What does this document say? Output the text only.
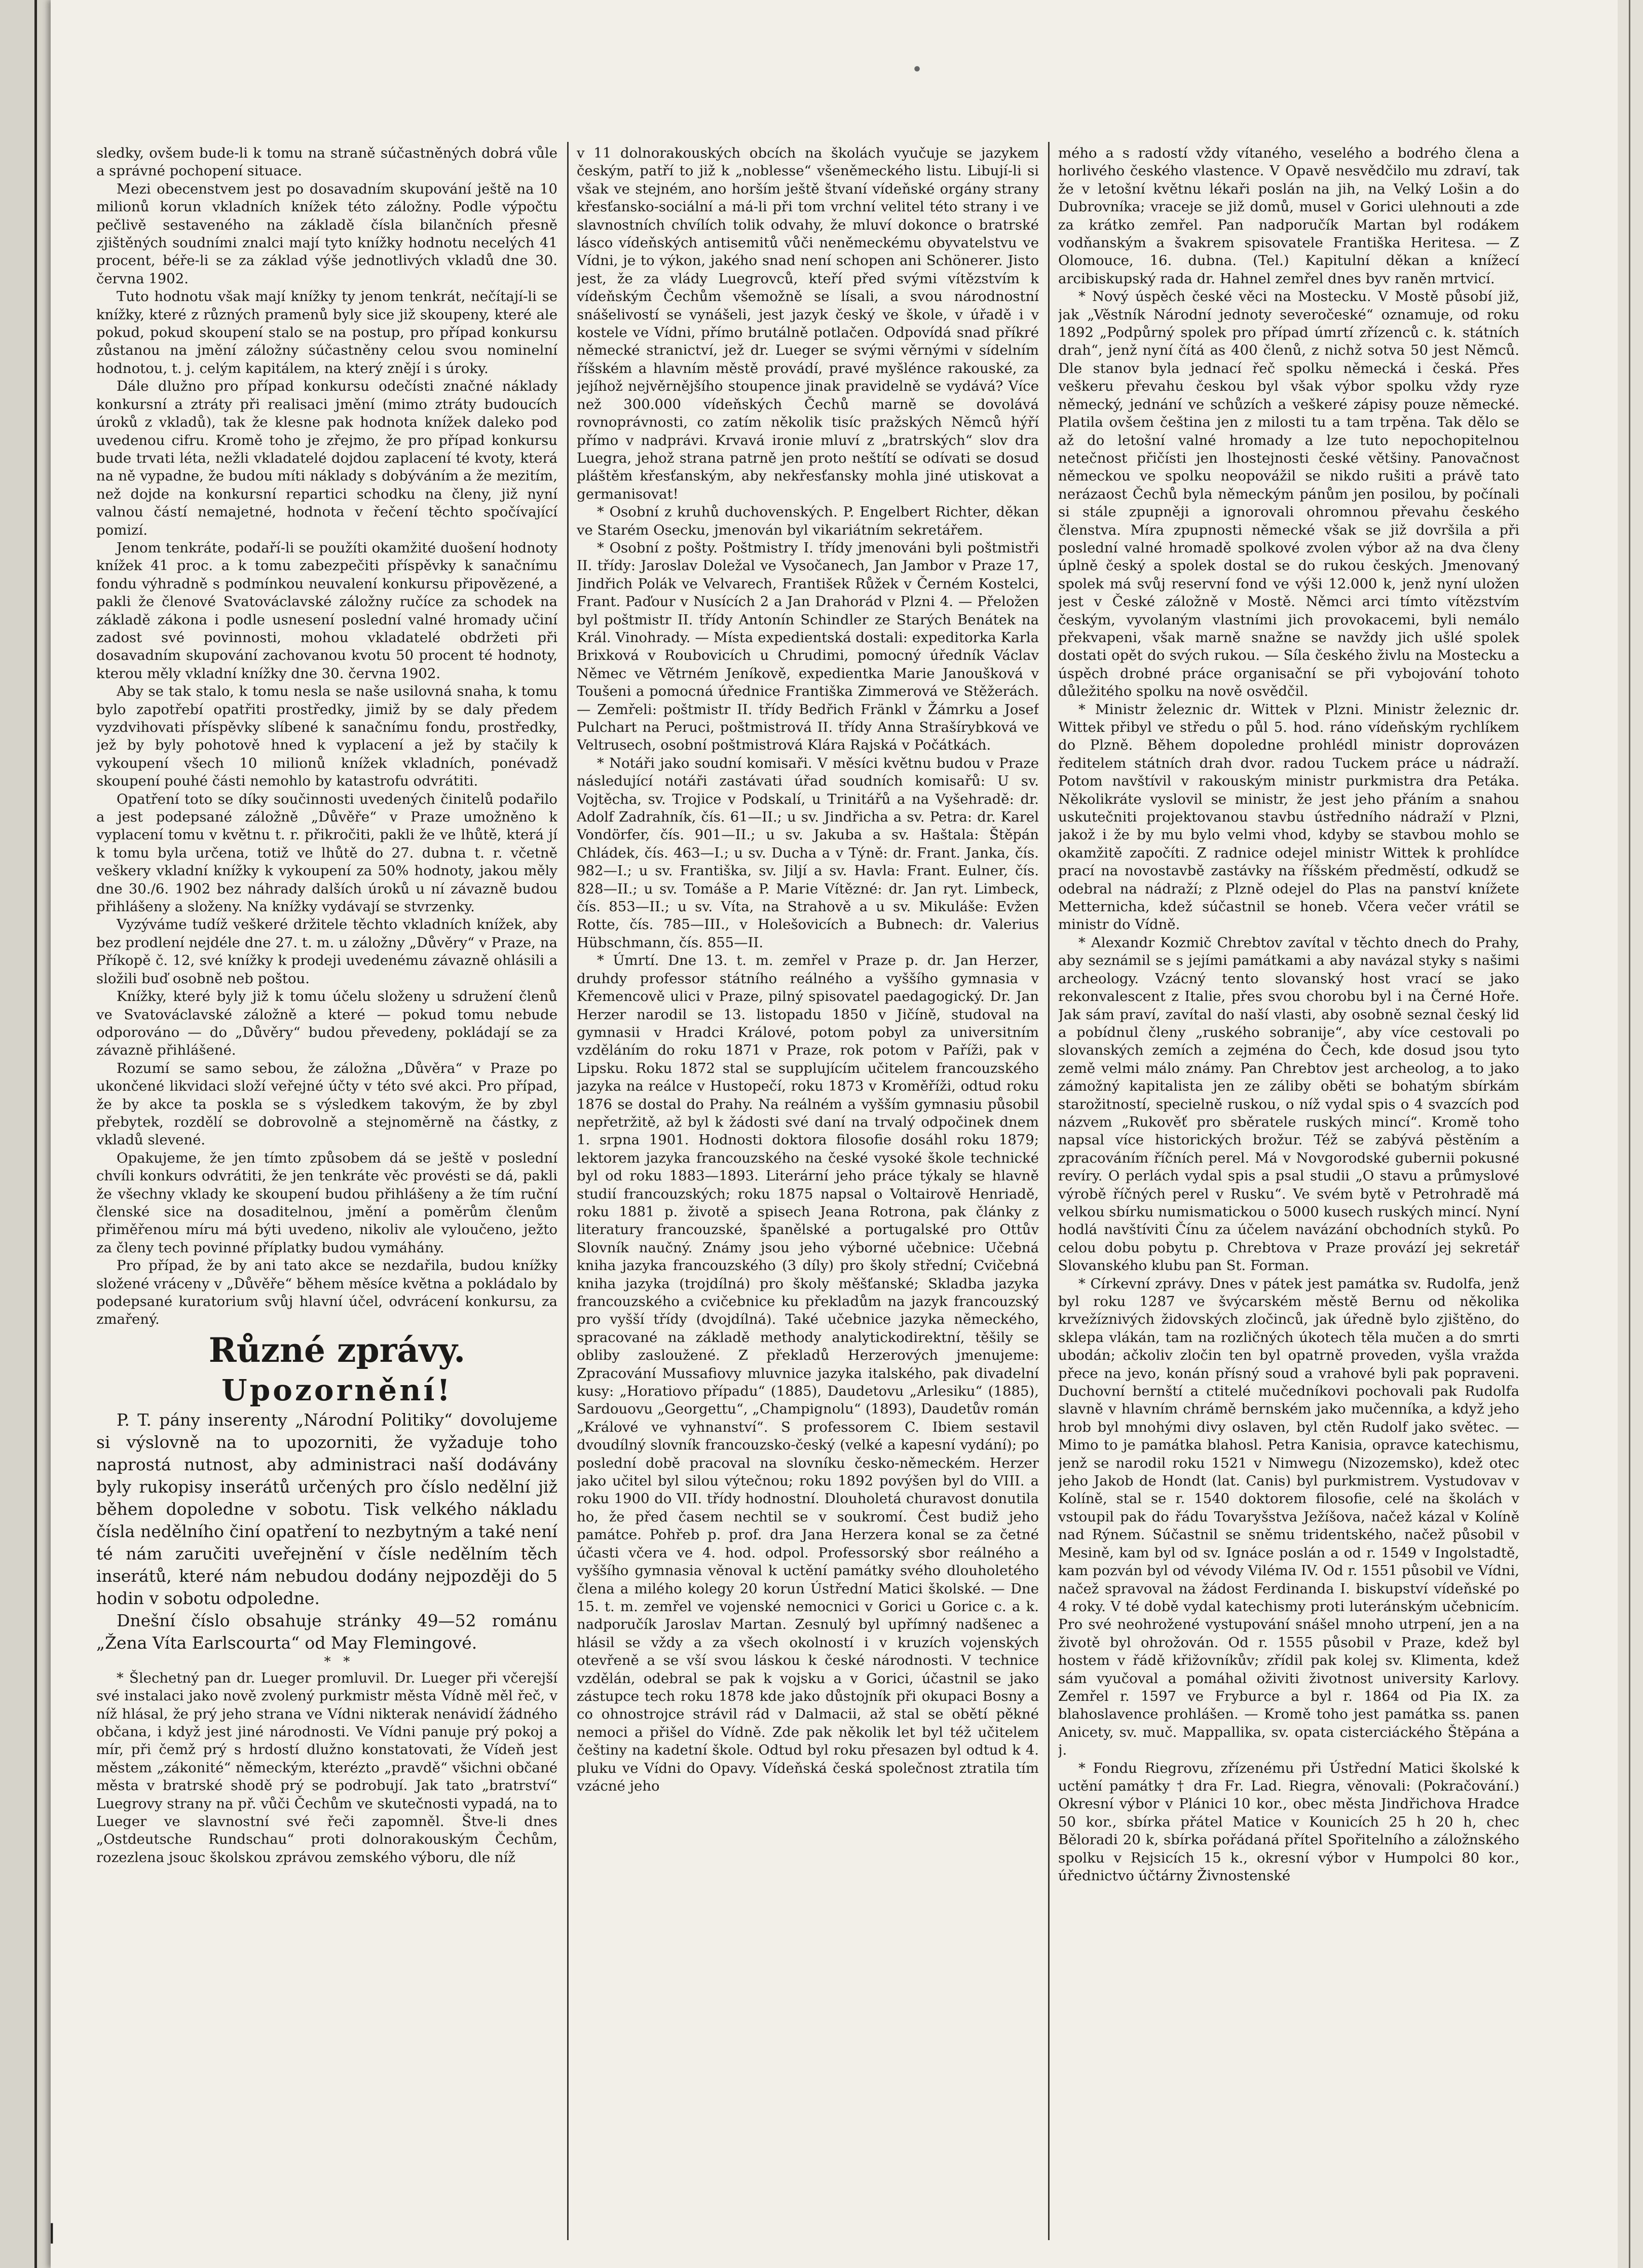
•

sledky, ovšem bude-li k tomu na straně súčastněných dobrá vůle a správné pochopení situace.

Mezi obecenstvem jest po dosavadním skupování ještě na 10 milionů korun vkladních knížek této záložny. Podle výpočtu pečlivě sestaveného na základě čísla bilančních přesně zjištěných soudními znalci mají tyto knížky hodnotu necelých 41 procent, béře-li se za základ výše jednotlivých vkladů dne 30. června 1902.

Tuto hodnotu však mají knížky ty jenom tenkrát, nečítají-li se knížky, které z různých pramenů byly sice již skoupeny, které ale pokud, pokud skoupení stalo se na postup, pro případ konkursu zůstanou na jmění záložny súčastněny celou svou nominelní hodnotou, t. j. celým kapitálem, na který znějí i s úroky.

Dále dlužno pro případ konkursu odečísti značné náklady konkursní a ztráty při realisaci jmění (mimo ztráty budoucích úroků z vkladů), tak že klesne pak hodnota knížek daleko pod uvedenou cifru. Kromě toho je zřejmo, že pro případ konkursu bude trvati léta, nežli vkladatelé dojdou zaplacení té kvoty, která na ně vypadne, že budou míti náklady s dobýváním a že mezitím, než dojde na konkursní repartici schodku na členy, již nyní valnou částí nemajetné, hodnota v řečení těchto spočívající pomizí.

Jenom tenkráte, podaří-li se použíti okamžité duošení hodnoty knížek 41 proc. a k tomu zabezpečiti příspěvky k sanačnímu fondu výhradně s podmínkou neuvalení konkursu připovězené, a pakli že členové Svatováclavské záložny ručíce za schodek na základě zákona i podle usnesení poslední valné hromady učiní zadost své povinnosti, mohou vkladatelé obdržeti při dosavadním skupování zachovanou kvotu 50 procent té hodnoty, kterou měly vkladní knížky dne 30. června 1902.

Aby se tak stalo, k tomu nesla se naše usilovná snaha, k tomu bylo zapotřebí opatřiti prostředky, jimiž by se daly předem vyzdvihovati příspěvky slíbené k sanačnímu fondu, prostředky, jež by byly pohotově hned k vyplacení a jež by stačily k vykoupení všech 10 milionů knížek vkladních, ponévadž skoupení pouhé části nemohlo by katastrofu odvrátiti.

Opatření toto se díky součinnosti uvedených činitelů podařilo a jest podepsané záložně „Důvěře“ v Praze umožněno k vyplacení tomu v květnu t. r. přikročiti, pakli že ve lhůtě, která jí k tomu byla určena, totiž ve lhůtě do 27. dubna t. r. včetně veškery vkladní knížky k vykoupení za 50% hodnoty, jakou měly dne 30./6. 1902 bez náhrady dalších úroků u ní závazně budou přihlášeny a složeny. Na knížky vydávají se stvrzenky.

Vyzýváme tudíž veškeré držitele těchto vkladních knížek, aby bez prodlení nejdéle dne 27. t. m. u záložny „Důvěry“ v Praze, na Příkopě č. 12, své knížky k prodeji uvedenému závazně ohlásili a složili buď osobně neb poštou.

Knížky, které byly již k tomu účelu složeny u sdružení členů ve Svatováclavské záložně a které — pokud tomu nebude odporováno — do „Důvěry“ budou převedeny, pokládají se za závazně přihlášené.

Rozumí se samo sebou, že záložna „Důvěra“ v Praze po ukončené likvidaci složí veřejné účty v této své akci. Pro případ, že by akce ta poskla se s výsledkem takovým, že by zbyl přebytek, rozdělí se dobrovolně a stejnoměrně na částky, z vkladů slevené.

Opakujeme, že jen tímto způsobem dá se ještě v poslední chvíli konkurs odvrátiti, že jen tenkráte věc provésti se dá, pakli že všechny vklady ke skoupení budou přihlášeny a že tím ruční členské sice na dosaditelnou, jmění a poměrům členům přiměřenou míru má býti uvedeno, nikoliv ale vyloučeno, ježto za členy tech povinné příplatky budou vymáhány.

Pro případ, že by ani tato akce se nezdařila, budou knížky složené vráceny v „Důvěře“ během měsíce května a pokládalo by podepsané kuratorium svůj hlavní účel, odvrácení konkursu, za zmařený.

Různé zprávy.

Upozornění!

P. T. pány inserenty „Národní Politiky“ dovolujeme si výslovně na to upozorniti, že vyžaduje toho naprostá nutnost, aby administraci naší dodávány byly rukopisy inserátů určených pro číslo nedělní již během dopoledne v sobotu. Tisk velkého nákladu čísla nedělního činí opatření to nezbytným a také není té nám zaručiti uveřejnění v čísle nedělním těch inserátů, které nám nebudou dodány nejpozději do 5 hodin v sobotu odpoledne.

Dnešní číslo obsahuje stránky 49—52 románu „Žena Víta Earlscourta“ od May Flemingové.

*   *

* Šlechetný pan dr. Lueger promluvil. Dr. Lueger při včerejší své instalaci jako nově zvolený purkmistr města Vídně měl řeč, v níž hlásal, že prý jeho strana ve Vídni nikterak nenávidí žádného občana, i když jest jiné národnosti. Ve Vídni panuje prý pokoj a mír, při čemž prý s hrdostí dlužno konstatovati, že Vídeň jest městem „zákonité“ německým, kterézto „pravdě“ všichni občané města v bratrské shodě prý se podrobují. Jak tato „bratrství“ Luegrovy strany na př. vůči Čechům ve skutečnosti vypadá, na to Lueger ve slavnostní své řeči zapomněl. Štve-li dnes „Ostdeutsche Rundschau“ proti dolnorakouským Čechům, rozezlena jsouc školskou zprávou zemského výboru, dle níž

v 11 dolnorakouských obcích na školách vyučuje se jazykem českým, patří to již k „noblesse“ všeněmeckého listu. Libují-li si však ve stejném, ano horším ještě štvaní vídeňské orgány strany křesťansko-sociální a má-li při tom vrchní velitel této strany i ve slavnostních chvílích tolik odvahy, že mluví dokonce o bratrské lásco vídeňských antisemitů vůči neněmeckému obyvatelstvu ve Vídni, je to výkon, jakého snad není schopen ani Schönerer. Jisto jest, že za vlády Luegrovců, kteří před svými vítězstvím k vídeňským Čechům všemožně se lísali, a svou národnostní snášelivostí se vynášeli, jest jazyk český ve škole, v úřadě i v kostele ve Vídni, přímo brutálně potlačen. Odpovídá snad příkré německé stranictví, jež dr. Lueger se svými věrnými v sídelním říšském a hlavním městě provádí, pravé myšlénce rakouské, za jejíhož nejvěrnějšího stoupence jinak pravidelně se vydává? Více než 300.000 vídeňských Čechů marně se dovolává rovnoprávnosti, co zatím několik tisíc pražských Němců hýří přímo v nadprávi. Krvavá ironie mluví z „bratrských“ slov dra Luegra, jehož strana patrně jen proto neštítí se odívati se dosud pláštěm křesťanským, aby nekřesťansky mohla jiné utiskovat a germanisovat!

* Osobní z kruhů duchovenských. P. Engelbert Richter, děkan ve Starém Osecku, jmenován byl vikariátním sekretářem.

* Osobní z pošty. Poštmistry I. třídy jmenováni byli poštmistři II. třídy: Jaroslav Doležal ve Vysočanech, Jan Jambor v Praze 17, Jindřich Polák ve Velvarech, František Růžek v Černém Kostelci, Frant. Paďour v Nusících 2 a Jan Drahorád v Plzni 4. — Přeložen byl poštmistr II. třídy Antonín Schindler ze Starých Benátek na Král. Vinohrady. — Místa expedientská dostali: expeditorka Karla Brixková v Roubovicích u Chrudimi, pomocný úředník Václav Němec ve Větrném Jeníkově, expedientka Marie Janoušková v Toušeni a pomocná úřednice Františka Zimmerová ve Stěžerách. — Zemřeli: poštmistr II. třídy Bedřich Fränkl v Žámrku a Josef Pulchart na Peruci, poštmistrová II. třídy Anna Strašírybková ve Veltrusech, osobní poštmistrová Klára Rajská v Počátkách.

* Notáři jako soudní komisaři. V měsíci květnu budou v Praze následující notáři zastávati úřad soudních komisařů: U sv. Vojtěcha, sv. Trojice v Podskalí, u Trinitářů a na Vyšehradě: dr. Adolf Zadrahník, čís. 61—II.; u sv. Jindřicha a sv. Petra: dr. Karel Vondörfer, čís. 901—II.; u sv. Jakuba a sv. Haštala: Štěpán Chládek, čís. 463—I.; u sv. Ducha a v Týně: dr. Frant. Janka, čís. 982—I.; u sv. Františka, sv. Jiljí a sv. Havla: Frant. Eulner, čís. 828—II.; u sv. Tomáše a P. Marie Vítězné: dr. Jan ryt. Limbeck, čís. 853—II.; u sv. Víta, na Strahově a u sv. Mikuláše: Evžen Rotte, čís. 785—III., v Holešovicích a Bubnech: dr. Valerius Hübschmann, čís. 855—II.

* Úmrtí. Dne 13. t. m. zemřel v Praze p. dr. Jan Herzer, druhdy professor státního reálného a vyššího gymnasia v Křemencově ulici v Praze, pilný spisovatel paedagogický. Dr. Jan Herzer narodil se 13. listopadu 1850 v Jičíně, studoval na gymnasii v Hradci Králové, potom pobyl za universitním vzděláním do roku 1871 v Praze, rok potom v Paříži, pak v Lipsku. Roku 1872 stal se supplujícím učitelem francouzského jazyka na reálce v Hustopečí, roku 1873 v Kroměříži, odtud roku 1876 se dostal do Prahy. Na reálném a vyšším gymnasiu působil nepřetržitě, až byl k žádosti své daní na trvalý odpočinek dnem 1. srpna 1901. Hodnosti doktora filosofie dosáhl roku 1879; lektorem jazyka francouzského na české vysoké škole technické byl od roku 1883—1893. Literární jeho práce týkaly se hlavně studií francouzských; roku 1875 napsal o Voltairově Henriadě, roku 1881 p. životě a spisech Jeana Rotrona, pak články z literatury francouzské, španělské a portugalské pro Ottův Slovník naučný. Známy jsou jeho výborné učebnice: Učebná kniha jazyka francouzského (3 díly) pro školy střední; Cvičebná kniha jazyka (trojdílná) pro školy měšťanské; Skladba jazyka francouzského a cvičebnice ku překladům na jazyk francouzský pro vyšší třídy (dvojdílná). Také učebnice jazyka německého, spracované na základě methody analytickodirektní, těšily se obliby zasloužené. Z překladů Herzerových jmenujeme: Zpracování Mussafiovy mluvnice jazyka italského, pak divadelní kusy: „Horatiovo případu“ (1885), Daudetovu „Arlesiku“ (1885), Sardouovu „Georgettu“, „Champignolu“ (1893), Daudetův román „Králové ve vyhnanství“. S professorem C. Ibiem sestavil dvoudílný slovník francouzsko-český (velké a kapesní vydání); po poslední době pracoval na slovníku česko-německém. Herzer jako učitel byl silou výtečnou; roku 1892 povýšen byl do VIII. a roku 1900 do VII. třídy hodnostní. Dlouholetá churavost donutila ho, že před časem nechtil se v soukromí. Čest budiž jeho památce. Pohřeb p. prof. dra Jana Herzera konal se za četné účasti včera ve 4. hod. odpol. Professorský sbor reálného a vyššího gymnasia věnoval k uctění památky svého dlouholetého člena a milého kolegy 20 korun Ústřední Matici školské. — Dne 15. t. m. zemřel ve vojenské nemocnici v Gorici u Gorice c. a k. nadporučík Jaroslav Martan. Zesnulý byl upřímný nadšenec a hlásil se vždy a za všech okolností i v kruzích vojenských otevřeně a se vší svou láskou k české národnosti. V technice vzdělán, odebral se pak k vojsku a v Gorici, účastnil se jako zástupce tech roku 1878 kde jako důstojník při okupaci Bosny a co ohnostrojce strávil rád v Dalmacii, až stal se obětí pěkné nemoci a přišel do Vídně. Zde pak několik let byl též učitelem češtiny na kadetní škole. Odtud byl roku přesazen byl odtud k 4. pluku ve Vídni do Opavy. Vídeňská česká společnost ztratila tím vzácné jeho

mého a s radostí vždy vítaného, veselého a bodrého člena a horlivého českého vlastence. V Opavě nesvědčilo mu zdraví, tak že v letošní květnu lékaři poslán na jih, na Velký Lošin a do Dubrovníka; vraceje se již domů, musel v Gorici ulehnouti a zde za krátko zemřel. Pan nadporučík Martan byl rodákem vodňanským a švakrem spisovatele Františka Heritesa. — Z Olomouce, 16. dubna. (Tel.) Kapitulní děkan a knížecí arcibiskupský rada dr. Hahnel zemřel dnes byv raněn mrtvicí.

* Nový úspěch české věci na Mostecku. V Mostě působí již, jak „Věstník Národní jednoty severočeské“ oznamuje, od roku 1892 „Podpůrný spolek pro případ úmrtí zřízenců c. k. státních drah“, jenž nyní čítá as 400 členů, z nichž sotva 50 jest Němců. Dle stanov byla jednací řeč spolku německá i česká. Přes veškeru převahu českou byl však výbor spolku vždy ryze německý, jednání ve schůzích a veškeré zápisy pouze německé. Platila ovšem čeština jen z milosti tu a tam trpěna. Tak dělo se až do letošní valné hromady a lze tuto nepochopitelnou netečnost přičísti jen lhostejnosti české většiny. Panovačnost německou ve spolku neopovážil se nikdo rušiti a právě tato nerázaost Čechů byla německým pánům jen posilou, by počínali si stále zpupněji a ignorovali ohromnou převahu českého členstva. Míra zpupnosti německé však se již dovršila a při poslední valné hromadě spolkové zvolen výbor až na dva členy úplně český a spolek dostal se do rukou českých. Jmenovaný spolek má svůj reservní fond ve výši 12.000 k, jenž nyní uložen jest v České záložně v Mostě. Němci arci tímto vítězstvím českým, vyvolaným vlastními jich provokacemi, byli nemálo překvapeni, však marně snažne se navždy jich ušlé spolek dostati opět do svých rukou. — Síla českého živlu na Mostecku a úspěch drobné práce organisační se při vybojování tohoto důležitého spolku na nově osvědčil.

* Ministr železnic dr. Wittek v Plzni. Ministr železnic dr. Wittek přibyl ve středu o půl 5. hod. ráno vídeňským rychlíkem do Plzně. Během dopoledne prohlédl ministr doprovázen ředitelem státních drah dvor. radou Tuckem práce u nádraží. Potom navštívil v rakouským ministr purkmistra dra Petáka. Několikráte vyslovil se ministr, že jest jeho přáním a snahou uskutečniti projektovanou stavbu ústředního nádraží v Plzni, jakož i že by mu bylo velmi vhod, kdyby se stavbou mohlo se okamžitě započíti. Z radnice odejel ministr Wittek k prohlídce prací na novostavbě zastávky na říšském předměstí, odkudž se odebral na nádraží; z Plzně odejel do Plas na panství knížete Metternicha, kdež súčastnil se honeb. Včera večer vrátil se ministr do Vídně.

* Alexandr Kozmič Chrebtov zavítal v těchto dnech do Prahy, aby seznámil se s jejími památkami a aby navázal styky s našimi archeology. Vzácný tento slovanský host vrací se jako rekonvalescent z Italie, přes svou chorobu byl i na Černé Hoře. Jak sám praví, zavítal do naší vlasti, aby osobně seznal český lid a pobídnul členy „ruského sobranije“, aby více cestovali po slovanských zemích a zejména do Čech, kde dosud jsou tyto země velmi málo známy. Pan Chrebtov jest archeolog, a to jako zámožný kapitalista jen ze záliby oběti se bohatým sbírkám starožitností, specielně ruskou, o níž vydal spis o 4 svazcích pod názvem „Rukověť pro sběratele ruských mincí“. Kromě toho napsal více historických brožur. Též se zabývá pěstěním a zpracováním říčních perel. Má v Novgorodské gubernii pokusné revíry. O perlách vydal spis a psal studii „O stavu a průmyslové výrobě říčných perel v Rusku“. Ve svém bytě v Petrohradě má velkou sbírku numismatickou o 5000 kusech ruských mincí. Nyní hodlá navštíviti Čínu za účelem navázání obchodních styků. Po celou dobu pobytu p. Chrebtova v Praze provází jej sekretář Slovanského klubu pan St. Forman.

* Církevní zprávy. Dnes v pátek jest památka sv. Rudolfa, jenž byl roku 1287 ve švýcarském městě Bernu od několika krvežíznivých židovských zločinců, jak úředně bylo zjištěno, do sklepa vlákán, tam na rozličných úkotech těla mučen a do smrti ubodán; ačkoliv zločin ten byl opatrně proveden, vyšla vražda přece na jevo, konán přísný soud a vrahové byli pak popraveni. Duchovní bernští a ctitelé mučedníkovi pochovali pak Rudolfa slavně v hlavním chrámě bernském jako mučenníka, a když jeho hrob byl mnohými divy oslaven, byl ctěn Rudolf jako světec. — Mimo to je památka blahosl. Petra Kanisia, opravce katechismu, jenž se narodil roku 1521 v Nimwegu (Nizozemsko), kdež otec jeho Jakob de Hondt (lat. Canis) byl purkmistrem. Vystudovav v Kolíně, stal se r. 1540 doktorem filosofie, celé na školách v vstoupil pak do řádu Tovaryšstva Ježíšova, načež kázal v Kolíně nad Rýnem. Súčastnil se sněmu tridentského, načež působil v Mesině, kam byl od sv. Ignáce poslán a od r. 1549 v Ingolstadtě, kam pozván byl od vévody Viléma IV. Od r. 1551 působil ve Vídni, načež spravoval na žádost Ferdinanda I. biskupství vídeňské po 4 roky. V té době vydal katechismy proti luteránským učebnicím. Pro své neohrožené vystupování snášel mnoho utrpení, jen a na životě byl ohrožován. Od r. 1555 působil v Praze, kdež byl hostem v řádě křižovníkův; zřídil pak kolej sv. Klimenta, kdež sám vyučoval a pomáhal oživiti životnost university Karlovy. Zemřel r. 1597 ve Fryburce a byl r. 1864 od Pia IX. za blahoslavence prohlášen. — Kromě toho jest památka ss. panen Anicety, sv. muč. Mappallika, sv. opata cisterciáckého Štěpána a j.

* Fondu Riegrovu, zřízenému při Ústřední Matici školské k uctění památky † dra Fr. Lad. Riegra, věnovali: (Pokračování.) Okresní výbor v Plánici 10 kor., obec města Jindřichova Hradce 50 kor., sbírka přátel Matice v Kounicích 25 h 20 h, chec Běloradi 20 k, sbírka pořádaná přítel Spořitelního a záložnského spolku v Rejsicích 15 k., okresní výbor v Humpolci 80 kor., úřednictvo účtárny Živnostenské

|
